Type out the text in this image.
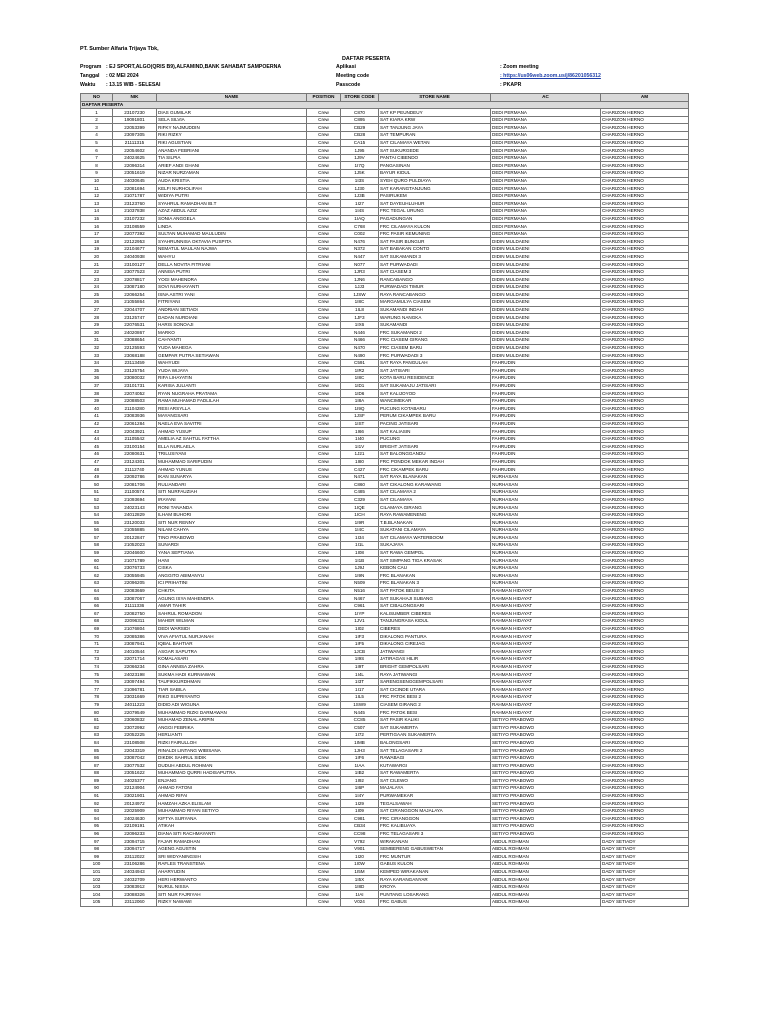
PT. Sumber Alfaria Trijaya Tbk,
DAFTAR PESERTA
Program : EJ SPORT,ALGO(QRIS B9),ALFAMIND,BANK SAHABAT SAMPOERNA
Tanggal : 02 MEI 2024
Waktu : 13.15 WIB - SELESAI
Aplikasi	: Zoom meeting
Meeting code	: https://us06web.zoom.us/j/86201056312
Passcode	: PKAPR
NO	NIK	NAME	POSITION	STORE CODE	STORE NAME	AC	AM
DAFTAR PESERTA							
1	23107230	DIAS GUMILAR	Crew	C870	SAT KP PEUNDEUY	DEDI PERMANA	CHARIZON HERNO
2	19091801	SELA SILVIA	Crew	C895	SAT KIARA KRW	DEDI PERMANA	CHARIZON HERNO
3	22053399	RIFKY NAJMUDDIN	Crew	CB29	SAT TANJUNG JAYA	DEDI PERMANA	CHARIZON HERNO
4	23097305	RIKI RIZKY	Crew	CB28	SAT TEMPURAN	DEDI PERMANA	CHARIZON HERNO
5	21111315	RIKI AGUSTIAN	Crew	CA15	SAT CILAMAYA WETAN	DEDI PERMANA	CHARIZON HERNO
6	22054602	ANANDA FEBRIANI	Crew	1J95	SAT SUKURGEDE	DEDI PERMANA	CHARIZON HERNO
7	24024625	TIA SILPIA	Crew	1J9V	PANTAI CIBENDO	DEDI PERMANA	CHARIZON HERNO
8	22096314	ARIEF ANDI GHANI	Crew	1I7Q	PANGASINAN	DEDI PERMANA	CHARIZON HERNO
9	23051619	NIZAR NURZAMAN	Crew	1J5K	BAYUR KIDUL	DEDI PERMANA	CHARIZON HERNO
10	24030645	AUDA KRISTIA	Crew	1I3S	SYEH QURO PULDIAYA	DEDI PERMANA	CHARIZON HERNO
11	22081694	KELFI NURHOLIFAH	Crew	1J30	SAT KARANGTANJUNG	DEDI PERMANA	CHARIZON HERNO
12	21071787	WIDIYA PUTRI	Crew	1J3B	PASIRUKEM	DEDI PERMANA	CHARIZON HERNO
13	23123760	SYAHRUL RAMADHAN IB.T	Crew	1I27	SAT DAYEUHLUHUR	DEDI PERMANA	CHARIZON HERNO
14	21037838	AZAZ ABDUL AZIZ	Crew	1I4S	FRC TEGAL URUNG	DEDI PERMANA	CHARIZON HERNO
15	23107232	SONIA ANGGELA	Crew	1IAQ	PAGADUNGAN	DEDI PERMANA	CHARIZON HERNO
16	23108559	LINDA	Crew	C768	FRC CILAMAYA KULON	DEDI PERMANA	CHARIZON HERNO
17	22077392	SULTAN MUHAMAD MAULUDIN	Crew	C002	FRC PASIR KEMUNING	DEDI PERMANA	CHARIZON HERNO
18	22122953	SYAHRUNNISA OKTAVIA PUSPITA	Crew	N476	SAT PASIR BUNGUR	DIDIN MULDAENI	CHARIZON HERNO
19	22104677	NEMATUL MAULAN NAJWA	Crew	N372	SAT BABAKAN CONTO	DIDIN MULDAENI	CHARIZON HERNO
20	24040938	WAHYU	Crew	N447	SAT SUKAMANDI 3	DIDIN MULDAENI	CHARIZON HERNO
21	23100127	DELLA NOVITA FITRIANI	Crew	N077	SAT PURWADADI	DIDIN MULDAENI	CHARIZON HERNO
22	23077523	ANNISA PUTRI	Crew	1JR3	SAT CIASEM 3	DIDIN MULDAENI	CHARIZON HERNO
23	22078817	YOGI MAHENDRA	Crew	1JN6	RANCABANGO	DIDIN MULDAENI	CHARIZON HERNO
24	23087180	SOVI NURHAYANTI	Crew	1JJ3	PURWADADI TIMUR	DIDIN MULDAENI	CHARIZON HERNO
25	22066254	ISNA ASTRI YANI	Crew	1JSW	RAYA RANCABANGO	DIDIN MULDAENI	CHARIZON HERNO
26	21055864	FITRIYANI	Crew	1I8C	MARGAMULYA CIASEM	DIDIN MULDAENI	CHARIZON HERNO
27	22044707	ANDRIAN SETIADI	Crew	1IL8	SUKAMANDI INDAH	DIDIN MULDAENI	CHARIZON HERNO
28	23125747	DADAN NURDIANI	Crew	1JF3	WARUNG NANGKA	DIDIN MULDAENI	CHARIZON HERNO
29	22076531	HARIS SONOAJI	Crew	1IX6	SUKAMANDI	DIDIN MULDAENI	CHARIZON HERNO
30	24020867	MARKO	Crew	N446	FRC SUKAMANDI 2	DIDIN MULDAENI	CHARIZON HERNO
31	23088654	CAHYANTI	Crew	N466	FRC CIASEM GIRANG	DIDIN MULDAENI	CHARIZON HERNO
32	22125593	YUDA MAHEGA	Crew	N470	FRC CIASEM BARU	DIDIN MULDAENI	CHARIZON HERNO
33	23068188	GEMPAR PUTRA SETIAWAN	Crew	N490	FRC PURWADADI 3	DIDIN MULDAENI	CHARIZON HERNO
34	23113459	WAHYUDI	Crew	C591	SAT RAYA PANGULAH	FAHRUDIN	CHARIZON HERNO
35	23125754	YUDA WIJAYA	Crew	1IR2	SAT JATISARI	FAHRUDIN	CHARIZON HERNO
36	23080032	RIFA LIHAYATIN	Crew	1I8C	KOTA BARU RESIDENCE	FAHRUDIN	CHARIZON HERNO
37	23101731	KARISA JULIANTI	Crew	1ID1	SAT SUKAMAJU JATISARI	FAHRUDIN	CHARIZON HERNO
38	22074052	RYAN NUGRAHA PRATAMA	Crew	1ID6	SAT KALIJOYOD	FAHRUDIN	CHARIZON HERNO
39	22088503	RAMA MUHAMAD FADLILAH	Crew	1I8A	WANCIMEKAR	FAHRUDIN	CHARIZON HERNO
40	21104280	RESI ARSYLLA	Crew	1I9Q	PUCUNG KOTABARU	FAHRUDIN	CHARIZON HERNO
41	23083936	MAYANGSARI	Crew	1JSF	PERUM CIKAMPEK BARU	FAHRUDIN	CHARIZON HERNO
42	22061284	NAELA EVA SAVITRI	Crew	1IST	PACING JATISARI	FAHRUDIN	CHARIZON HERNO
43	22043921	AHMAD YUSUP	Crew	1I66	SAT KALIASIN	FAHRUDIN	CHARIZON HERNO
44	21105542	AMELIA AZ SAHTUL FATTHA	Crew	1I40	PUCUNG	FAHRUDIN	CHARIZON HERNO
45	23100154	ELLA NURLAELA	Crew	1I1V	BRIGHT JATISARI	FAHRUDIN	CHARIZON HERNO
46	22080631	TRILUSIYANI	Crew	1J21	SAT BALONGGANDU	FAHRUDIN	CHARIZON HERNO
47	23124301	MUHAMMAD SARIPUDIN	Crew	1I80	FRC PONDOK MEKAR INDAH	FAHRUDIN	CHARIZON HERNO
48	21112740	AHMAD YUNUS	Crew	C427	FRC CIKAMPEK BARU	FAHRUDIN	CHARIZON HERNO
49	22092786	IKAN SUNARYA	Crew	N471	SAT RAYA BLANAKAN	NURHASAN	CHARIZON HERNO
50	22081706	RULIANDARI	Crew	C860	SAT CIKALONG KARAWANG	NURHASAN	CHARIZON HERNO
51	21100574	SITI NURFAUZIAH	Crew	C485	SAT CILAMAYA 2	NURHASAN	CHARIZON HERNO
52	21093694	IRAYANI	Crew	C329	SAT CILAMAYA	NURHASAN	CHARIZON HERNO
53	24023143	RONI TANANDA	Crew	1IQE	CILAMAYA GIRANG	NURHASAN	CHARIZON HERNO
54	24012829	ILHAM BUHORI	Crew	1ICH	RAYA RAWAMENENG	NURHASAN	CHARIZON HERNO
55	23120033	SITI NUR RENNY	Crew	1I9R	T.B.BLANAKAN	NURHASAN	CHARIZON HERNO
56	21055885	NILAM CAHYA	Crew	1I4C	SUKATANI CILAMAYA	NURHASAN	CHARIZON HERNO
57	20122847	TINO PRABOWO	Crew	1I34	SAT CILAMAYA WATERBOOM	NURHASAN	CHARIZON HERNO
58	21052023	SUNARDI	Crew	1I1L	SUKAJAYA	NURHASAN	CHARIZON HERNO
59	22046600	YANA SEPTIANA	Crew	1I08	SAT RAWA GEMPOL	NURHASAN	CHARIZON HERNO
60	21071789	HANI	Crew	1I1B	SAT SIMPANG TIGA KRASAK	NURHASAN	CHARIZON HERNO
61	23076733	CISKA	Crew	1J9J	KEBON CAU	NURHASAN	CHARIZON HERNO
62	23055945	ANGGITO ABIMANYU	Crew	1I9N	FRC BLANAKAN	NURHASAN	CHARIZON HERNO
63	22096205	ICI PRIHATINI	Crew	N509	FRC BLANAKAN 3	NURHASAN	CHARIZON HERNO
64	22083669	CHKITA	Crew	N516	SAT PATOK BEUSI 3	RAHMAN HIDAYAT	CHARIZON HERNO
65	23087067	AGUNG ISYA MAHENDRA	Crew	N467	SAT SUKAHAJI SUBANG	RAHMAN HIDAYAT	CHARIZON HERNO
66	21111336	AMAR TAHIR	Crew	C961	SAT CIBALONGSARI	RAHMAN HIDAYAT	CHARIZON HERNO
67	22082750	SAHRUL ROMADON	Crew	1IYP	KALISUMBER CIBERES	RAHMAN HIDAYAT	CHARIZON HERNO
68	22096311	MAHER WILMAN	Crew	1JV1	TANJUNGRASA KIDUL	RAHMAN HIDAYAT	CHARIZON HERNO
69	21076804	DEDI WARSIDI	Crew	1I02	CIBERES	RAHMAN HIDAYAT	CHARIZON HERNO
70	22085386	VIVA AFIATUL NURJANAH	Crew	1IF3	DIKALONG PANTURA	RAHMAN HIDAYAT	CHARIZON HERNO
71	23087941	IQBAL BAHTIAR	Crew	1IF5	DIKALONG CIREJAG	RAHMAN HIDAYAT	CHARIZON HERNO
72	24010544	ASGAR SAPUTRA	Crew	1JCB	JATIWANGI	RAHMAN HIDAYAT	CHARIZON HERNO
73	22071714	KOMALASARI	Crew	1I9S	JATIRAGAS HILIR	RAHMAN HIDAYAT	CHARIZON HERNO
74	22066234	GINA ANNISA ZAHRA	Crew	1I9T	BRIGHT GEMPOLSARI	RAHMAN HIDAYAT	CHARIZON HERNO
75	24023198	SUKMA HADI KURNIAWAN	Crew	1I4L	RAYA JATIWANGI	RAHMAN HIDAYAT	CHARIZON HERNO
76	23097494	TAUFIKKURDHMAN	Crew	1I3T	SARENGSENGGEMPOLSARI	RAHMAN HIDAYAT	CHARIZON HERNO
77	21096781	TIAR SABILA	Crew	1I17	SAT CICINDE UTARA	RAHMAN HIDAYAT	CHARIZON HERNO
78	23031669	RIKO SUPRIYANTO	Crew	1IL5	FRC PATOK BESI 2	RAHMAN HIDAYAT	CHARIZON HERNO
79	24011223	DIDID ADI WIGUNA	Crew	1SW9	CIASEM GIRANG 2	RAHMAN HIDAYAT	CHARIZON HERNO
80	22079549	MUHAMMAD RIZKI DARMAWAN	Crew	N445	FRC PATOK BESI	RAHMAN HIDAYAT	CHARIZON HERNO
81	23060832	MUHAMAD ZENAL ARIPIN	Crew	CC85	SAT PASIR KALIKI	SETIYO PRABOWO	CHARIZON HERNO
82	23072992	ANGGI FEBRIKA	Crew	C507	SAT SUKAMERTA	SETIYO PRABOWO	CHARIZON HERNO
83	22052225	HERLIANTI	Crew	1I72	PERTIGAAN SUKAMERTA	SETIYO PRABOWO	CHARIZON HERNO
84	23108508	RIZKI FAIRULLOH	Crew	1IMB	BALONGSARI	SETIYO PRABOWO	CHARIZON HERNO
85	22043319	RINALDI LINTANG WIBISANA	Crew	1JH3	SAT TELAGASARI 2	SETIYO PRABOWO	CHARIZON HERNO
86	23087042	DIKDIK SAHRUL SIDIK	Crew	1IF6	RAWABAGI	SETIYO PRABOWO	CHARIZON HERNO
87	23077532	DUDUH ABDUL ROHMAN	Crew	1IAA	KUTAWARGI	SETIYO PRABOWO	CHARIZON HERNO
88	23051622	MUHAMMAD QURRI HADISAPUTRA	Crew	1IB2	SAT RAWAMERTA	SETIYO PRABOWO	CHARIZON HERNO
89	24025377	ENJANG	Crew	1I92	SAT CILEWO	SETIYO PRABOWO	CHARIZON HERNO
90	22124904	AHMAD FATONI	Crew	1I6P	MAJALAYA	SETIYO PRABOWO	CHARIZON HERNO
91	23021901	AHMAD RIFAI	Crew	1I4Y	PURWAMEKAR	SETIYO PRABOWO	CHARIZON HERNO
92	20124972	HAMZAH AZKA ELISLAM	Crew	1I29	TEGALSAWAH	SETIYO PRABOWO	CHARIZON HERNO
93	22025909	MUHAMMAD RIYAN SETIYO	Crew	1I09	SAT CIRANGGON MAJALAYA	SETIYO PRABOWO	CHARIZON HERNO
94	24024630	KIFTYA SURYANA	Crew	C981	FRC CIRANGGON	SETIYO PRABOWO	CHARIZON HERNO
95	22109191	ATIKAH	Crew	CB34	FRC KALIBUAYA	SETIYO PRABOWO	CHARIZON HERNO
96	22096233	DIANA SITI RACHMAYANTI	Crew	CC98	FRC TELAGASARI 3	SETIYO PRABOWO	CHARIZON HERNO
97	23094715	FAJAR RAMADHAN	Crew	V792	WIRAKANAN	ABDUL ROHMAN	DADY SETIADY
98	23094717	AGENG AGUSTIN	Crew	V901	SEMBERENG GABUSWETAN	ABDUL ROHMAN	DADY SETIADY
99	23112022	SRI WIDYANINGSIH	Crew	1I20	FRC MUNTUR	ABDUL ROHMAN	DADY SETIADY
100	23106286	RAFLES TRANSTENA	Crew	1I0W	GABUS KULON	ABDUL ROHMAN	DADY SETIADY
101	24034943	AHARYUDIN	Crew	1I5M	KEMPED WIRAKANAN	ABDUL ROHMAN	DADY SETIADY
102	24032709	HERI HERWANTO	Crew	1I5X	RAYA KARANGANYAR	ABDUL ROHMAN	DADY SETIADY
103	23083912	NURUL NISSA	Crew	1I8D	KROYA	ABDUL ROHMAN	DADY SETIADY
104	23088326	SITI NUR FAJRIYAH	Crew	1IAI	PUNTANG LOSARANG	ABDUL ROHMAN	DADY SETIADY
105	23112060	RIZKY NAWAWI	Crew	V024	FRC GABUS	ABDUL ROHMAN	DADY SETIADY
